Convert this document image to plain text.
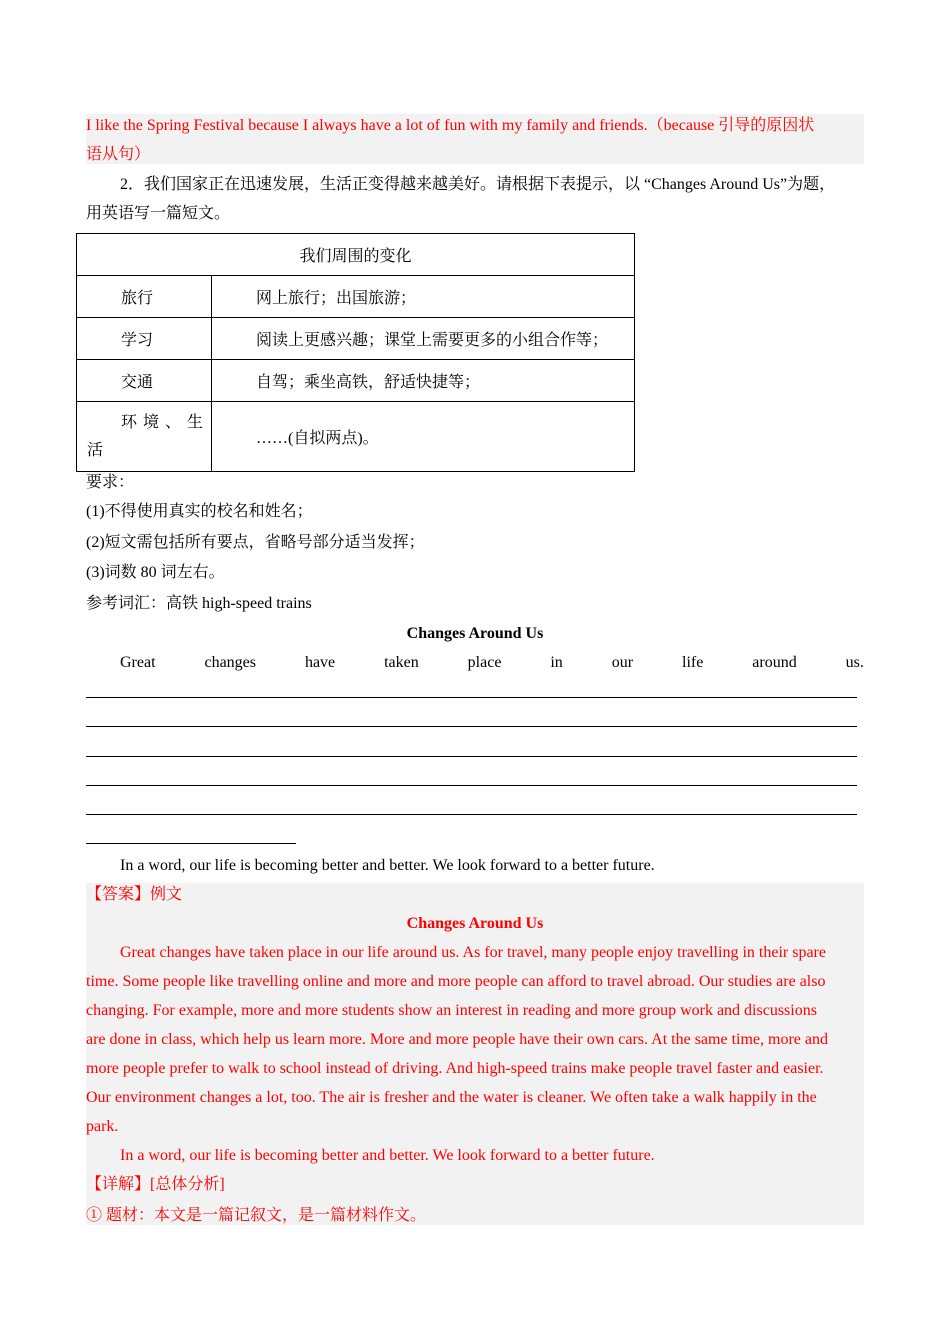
I like the Spring Festival because I always have a lot of fun with my family and friends.（because 引导的原因状
语从句）
2．我们国家正在迅速发展，生活正变得越来越美好。请根据下表提示，以 “Changes Around Us”为题，
用英语写一篇短文。
我们周围的变化	
旅行	网上旅行；出国旅游；
学习	阅读上更感兴趣；课堂上需要更多的小组合作等；
交通	自驾；乘坐高铁，舒适快捷等；

环 境 、 生
活	……(自拟两点)。
要求：
(1)不得使用真实的校名和姓名；
(2)短文需包括所有要点，省略号部分适当发挥；
(3)词数 80 词左右。
参考词汇：高铁 high-speed trains
Changes Around Us
Great	changes	have	taken	place	in	our	life	around	us.
In a word, our life is becoming better and better. We look forward to a better future.
【答案】例文
Changes Around Us
Great changes have taken place in our life around us. As for travel, many people enjoy travelling in their spare
time. Some people like travelling online and more and more people can afford to travel abroad. Our studies are also
changing. For example, more and more students show an interest in reading and more group work and discussions
are done in class, which help us learn more. More and more people have their own cars. At the same time, more and
more people prefer to walk to school instead of driving. And high-speed trains make people travel faster and easier.
Our environment changes a lot, too. The air is fresher and the water is cleaner. We often take a walk happily in the
park.
In a word, our life is becoming better and better. We look forward to a better future.
【详解】[总体分析]
① 题材：本文是一篇记叙文，是一篇材料作文。
